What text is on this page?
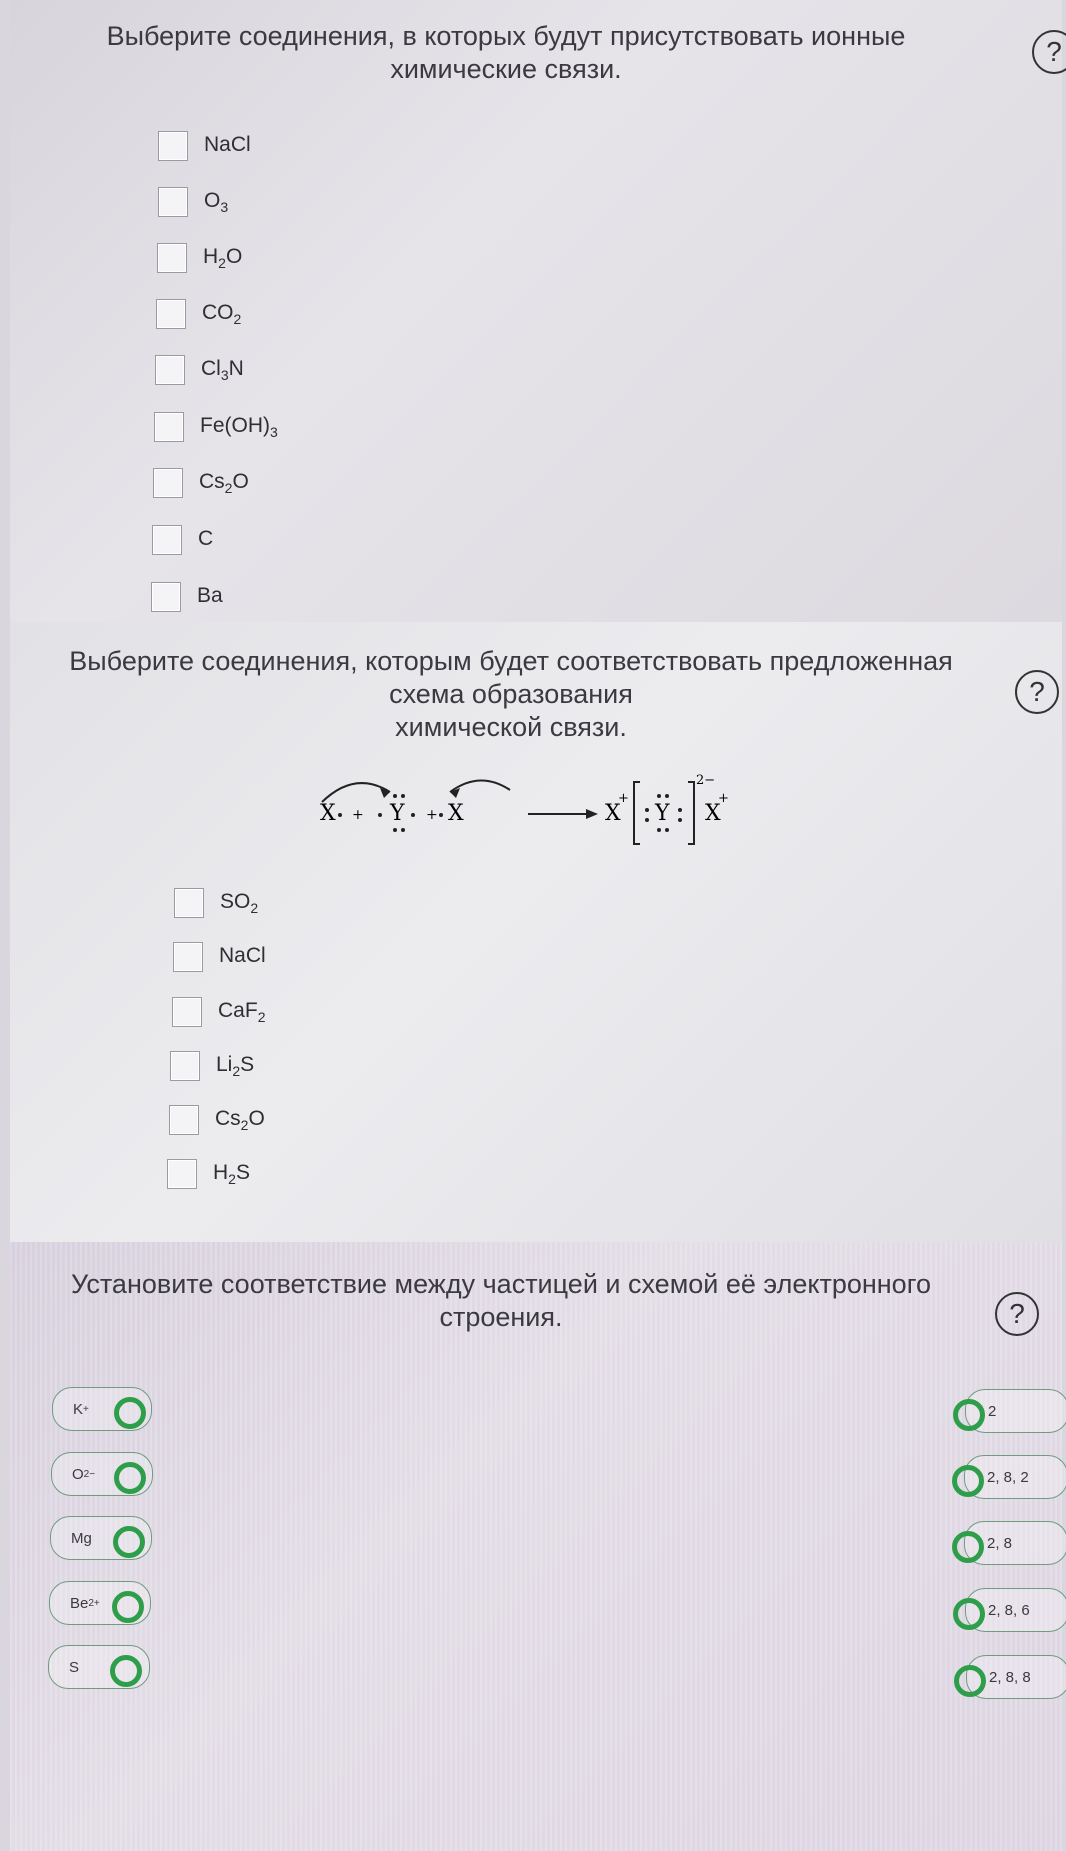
Выберите соединения, в которых будут присутствовать ионные
химические связи.
?
NaCl
$O_3$
$H_2O$
$CO_2$
$Cl_3N$
$Fe(OH)_3$
$Cs_2O$
C
Ba
Выберите соединения, которым будет соответствовать предложенная
схема образования
химической связи.
?
X + Y + X	X
+
Y
2−
X
+
$SO_2$
NaCl
CaF$_2$
$Li_2S$
$Cs_2O$
$H_2S$
Установите соответствие между частицей и схемой её электронного
строения.	?
K +
O 2−
Mg
Be 2+
S
2
2, 8, 2
2, 8
2, 8, 6
2, 8, 8
